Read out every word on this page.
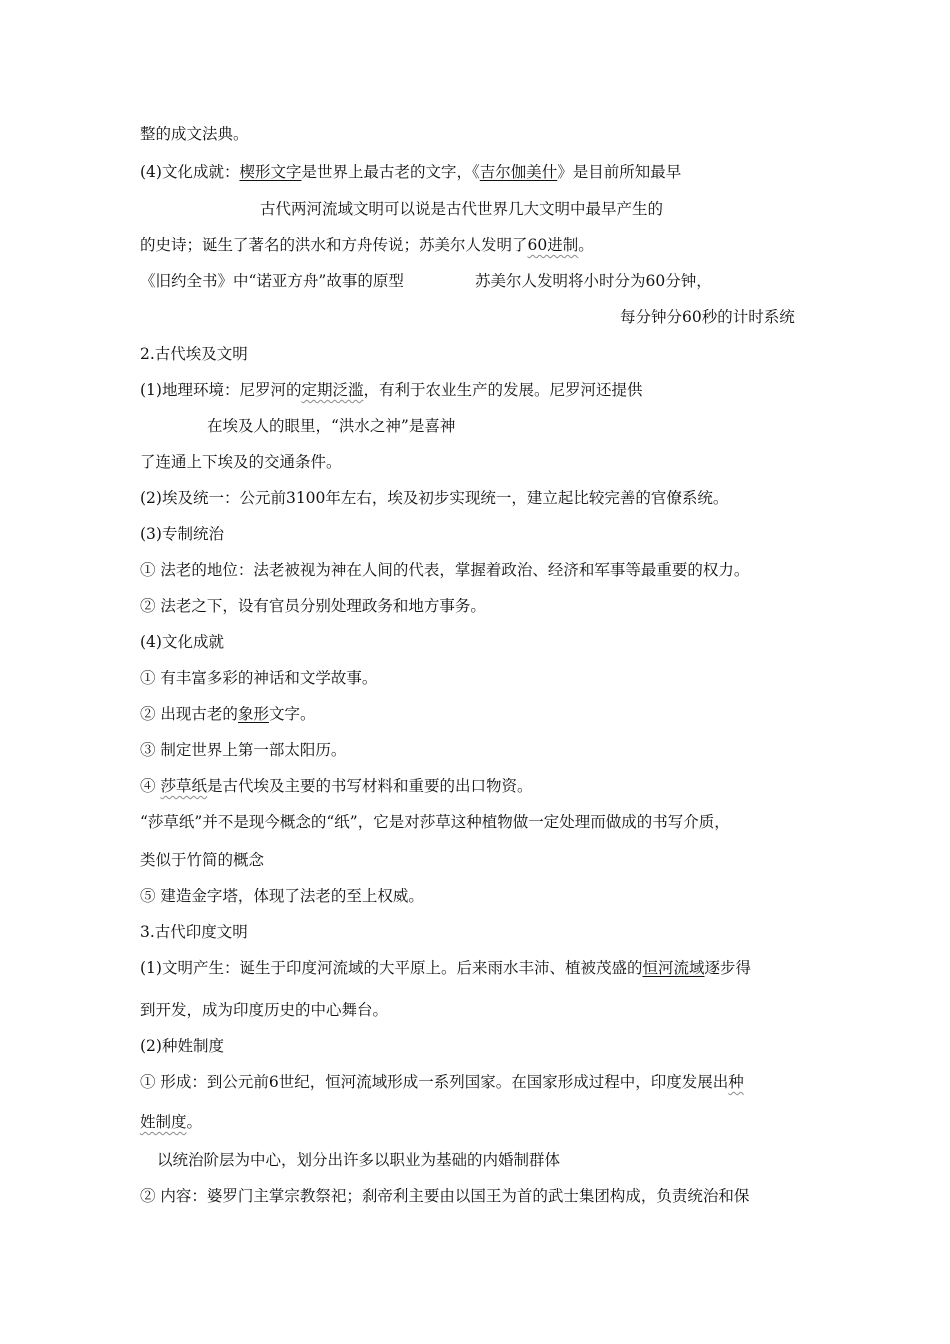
整的成文法典。
(4)文化成就：楔形文字是世界上最古老的文字，《吉尔伽美什》是目前所知最早
古代两河流域文明可以说是古代世界几大文明中最早产生的
的史诗；诞生了著名的洪水和方舟传说；苏美尔人发明了60进制。
《旧约全书》中“诺亚方舟”故事的原型	苏美尔人发明将小时分为60分钟，
每分钟分60秒的计时系统
2.古代埃及文明
(1)地理环境：尼罗河的定期泛滥，有利于农业生产的发展。尼罗河还提供
在埃及人的眼里，“洪水之神”是喜神
了连通上下埃及的交通条件。
(2)埃及统一：公元前3100年左右，埃及初步实现统一，建立起比较完善的官僚系统。
(3)专制统治
① 法老的地位：法老被视为神在人间的代表，掌握着政治、经济和军事等最重要的权力。
② 法老之下，设有官员分别处理政务和地方事务。
(4)文化成就
① 有丰富多彩的神话和文学故事。
② 出现古老的象形文字。
③ 制定世界上第一部太阳历。
④ 莎草纸是古代埃及主要的书写材料和重要的出口物资。
“莎草纸”并不是现今概念的“纸”，它是对莎草这种植物做一定处理而做成的书写介质，
类似于竹简的概念
⑤ 建造金字塔，体现了法老的至上权威。
3.古代印度文明
(1)文明产生：诞生于印度河流域的大平原上。后来雨水丰沛、植被茂盛的恒河流域逐步得
到开发，成为印度历史的中心舞台。
(2)种姓制度
① 形成：到公元前6世纪，恒河流域形成一系列国家。在国家形成过程中，印度发展出种
姓制度。
以统治阶层为中心，划分出许多以职业为基础的内婚制群体
② 内容：婆罗门主掌宗教祭祀；刹帝利主要由以国王为首的武士集团构成，负责统治和保
